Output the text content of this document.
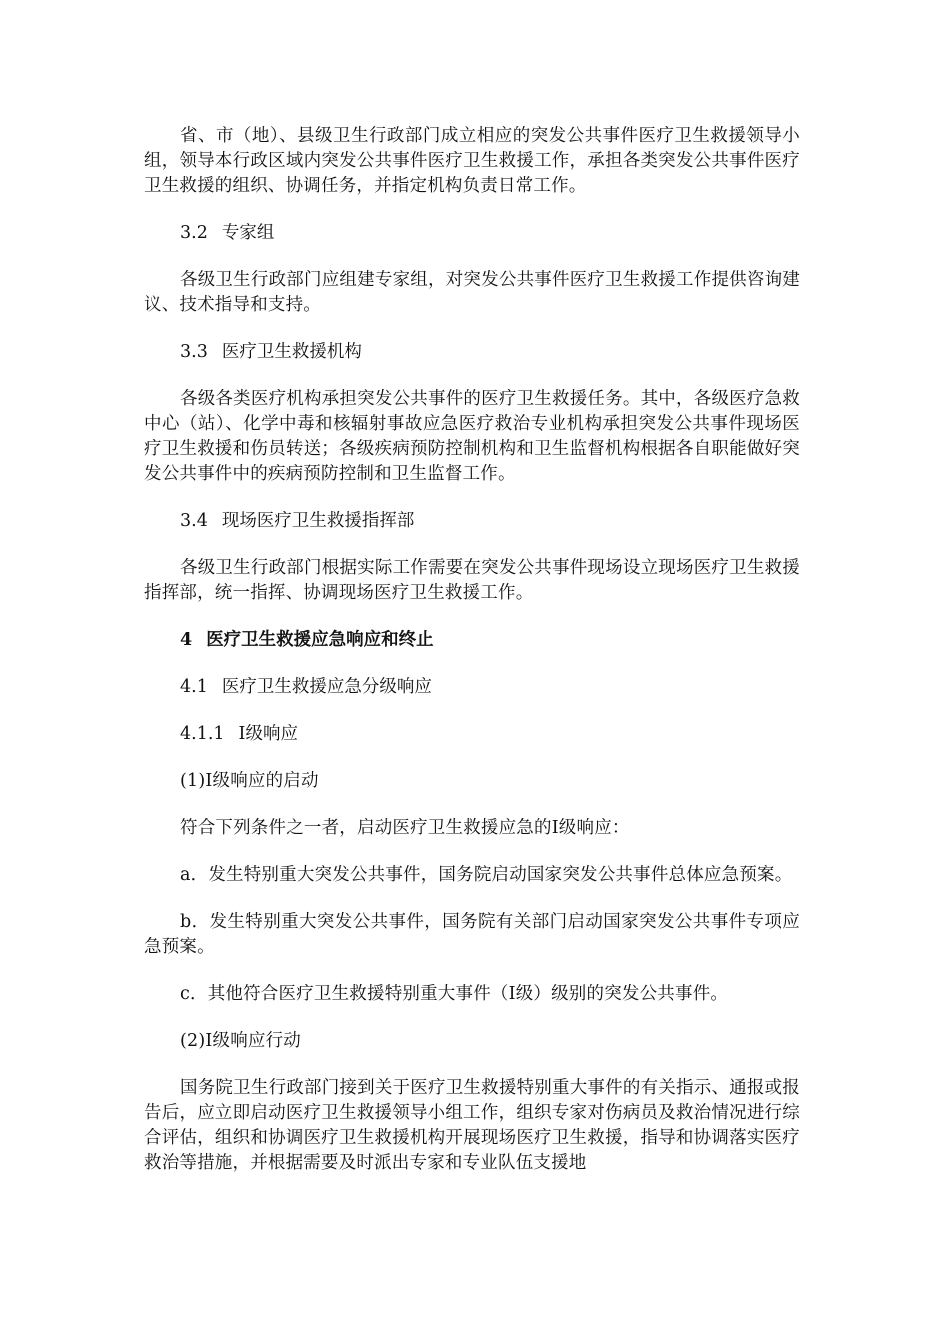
省、市（地）、县级卫生行政部门成立相应的突发公共事件医疗卫生救援领导小组，领导本行政区域内突发公共事件医疗卫生救援工作，承担各类突发公共事件医疗卫生救援的组织、协调任务，并指定机构负责日常工作。

3.2 专家组

各级卫生行政部门应组建专家组，对突发公共事件医疗卫生救援工作提供咨询建议、技术指导和支持。

3.3 医疗卫生救援机构

各级各类医疗机构承担突发公共事件的医疗卫生救援任务。其中，各级医疗急救中心（站）、化学中毒和核辐射事故应急医疗救治专业机构承担突发公共事件现场医疗卫生救援和伤员转送；各级疾病预防控制机构和卫生监督机构根据各自职能做好突发公共事件中的疾病预防控制和卫生监督工作。

3.4 现场医疗卫生救援指挥部

各级卫生行政部门根据实际工作需要在突发公共事件现场设立现场医疗卫生救援指挥部，统一指挥、协调现场医疗卫生救援工作。

4 医疗卫生救援应急响应和终止
4.1 医疗卫生救援应急分级响应
4.1.1 Ⅰ级响应

(1)Ⅰ级响应的启动

符合下列条件之一者，启动医疗卫生救援应急的Ⅰ级响应：

a．发生特别重大突发公共事件，国务院启动国家突发公共事件总体应急预案。

b．发生特别重大突发公共事件，国务院有关部门启动国家突发公共事件专项应急预案。

c．其他符合医疗卫生救援特别重大事件（Ⅰ级）级别的突发公共事件。

(2)Ⅰ级响应行动

国务院卫生行政部门接到关于医疗卫生救援特别重大事件的有关指示、通报或报告后，应立即启动医疗卫生救援领导小组工作，组织专家对伤病员及救治情况进行综合评估，组织和协调医疗卫生救援机构开展现场医疗卫生救援，指导和协调落实医疗救治等措施，并根据需要及时派出专家和专业队伍支援地
